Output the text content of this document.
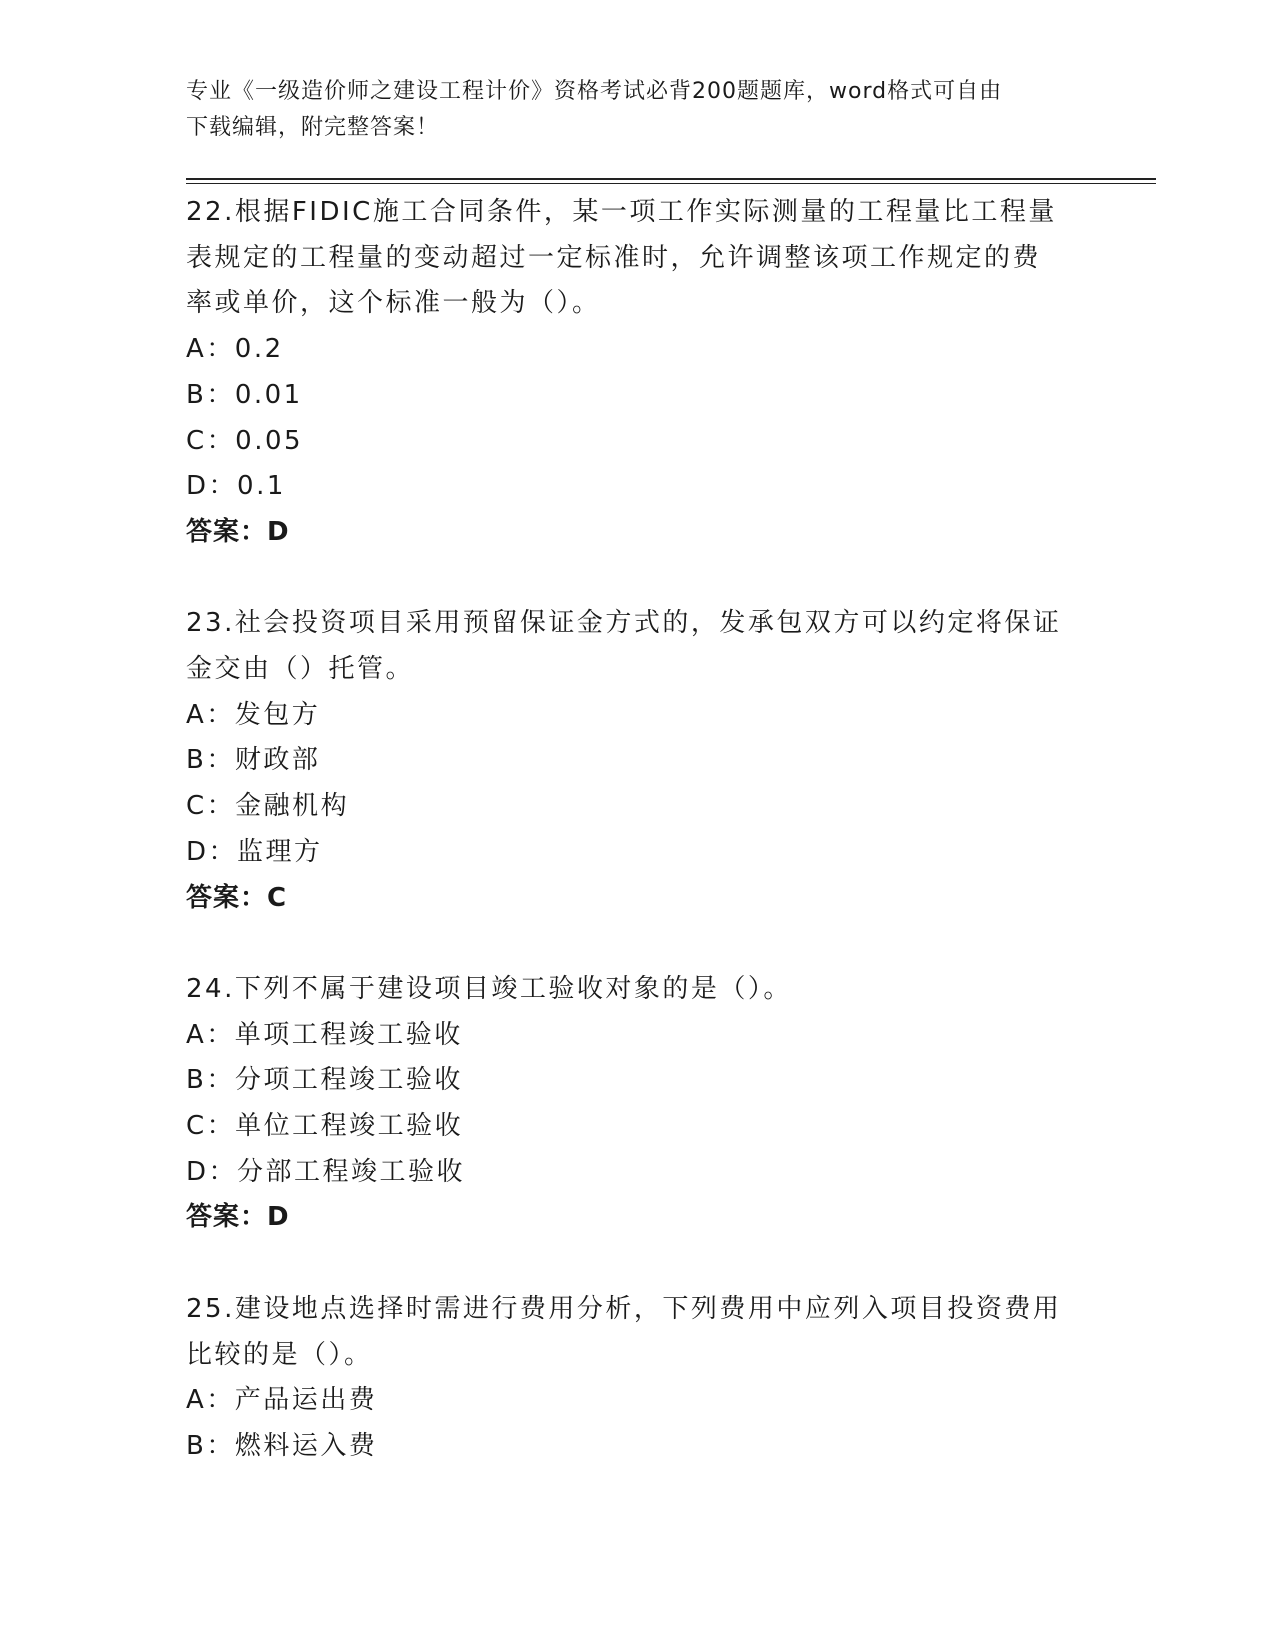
专业《一级造价师之建设工程计价》资格考试必背200题题库，word格式可自由
下载编辑，附完整答案！
22.根据FIDIC施工合同条件，某一项工作实际测量的工程量比工程量
表规定的工程量的变动超过一定标准时，允许调整该项工作规定的费
率或单价，这个标准一般为（）。
A：0.2
B：0.01
C：0.05
D：0.1
答案：D
23.社会投资项目采用预留保证金方式的，发承包双方可以约定将保证
金交由（）托管。
A：发包方
B：财政部
C：金融机构
D：监理方
答案：C
24.下列不属于建设项目竣工验收对象的是（）。
A：单项工程竣工验收
B：分项工程竣工验收
C：单位工程竣工验收
D：分部工程竣工验收
答案：D
25.建设地点选择时需进行费用分析，下列费用中应列入项目投资费用
比较的是（）。
A：产品运出费
B：燃料运入费
